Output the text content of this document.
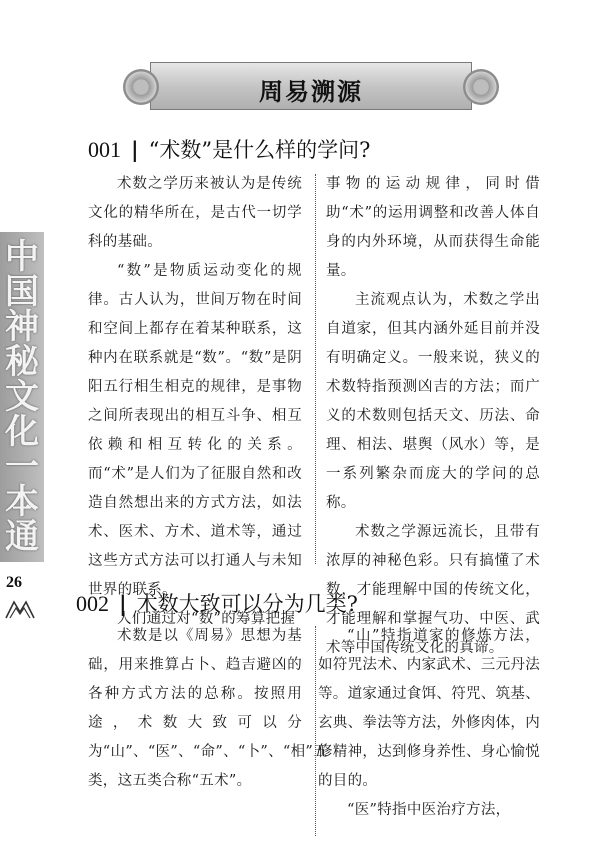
周易溯源
中
国
神
秘
文
化
一
本
通
26
001 | “术数”是什么样的学问?

术数之学历来被认为是传统文化的精华所在，是古代一切学科的基础。

“数”是物质运动变化的规律。古人认为，世间万物在时间和空间上都存在着某种联系，这种内在联系就是“数”。“数”是阴阳五行相生相克的规律，是事物之间所表现出的相互斗争、相互依赖和相互转化的关系。而“术”是人们为了征服自然和改造自然想出来的方式方法，如法术、医术、方术、道术等，通过这些方式方法可以打通人与未知世界的联系。

人们通过对“数”的筹算把握

事物的运动规律，同时借助“术”的运用调整和改善人体自身的内外环境，从而获得生命能量。

主流观点认为，术数之学出自道家，但其内涵外延目前并没有明确定义。一般来说，狭义的术数特指预测凶吉的方法；而广义的术数则包括天文、历法、命理、相法、堪舆（风水）等，是一系列繁杂而庞大的学问的总称。

术数之学源远流长，且带有浓厚的神秘色彩。只有搞懂了术数，才能理解中国的传统文化，才能理解和掌握气功、中医、武术等中国传统文化的真谛。

002 | 术数大致可以分为几类?

术数是以《周易》思想为基础，用来推算占卜、趋吉避凶的各种方式方法的总称。按照用途，术数大致可以分为“山”、“医”、“命”、“卜”、“相”五类，这五类合称“五术”。

“山”特指道家的修炼方法，如符咒法术、内家武术、三元丹法等。道家通过食饵、符咒、筑基、玄典、拳法等方法，外修肉体，内修精神，达到修身养性、身心愉悦的目的。

“医”特指中医治疗方法，
